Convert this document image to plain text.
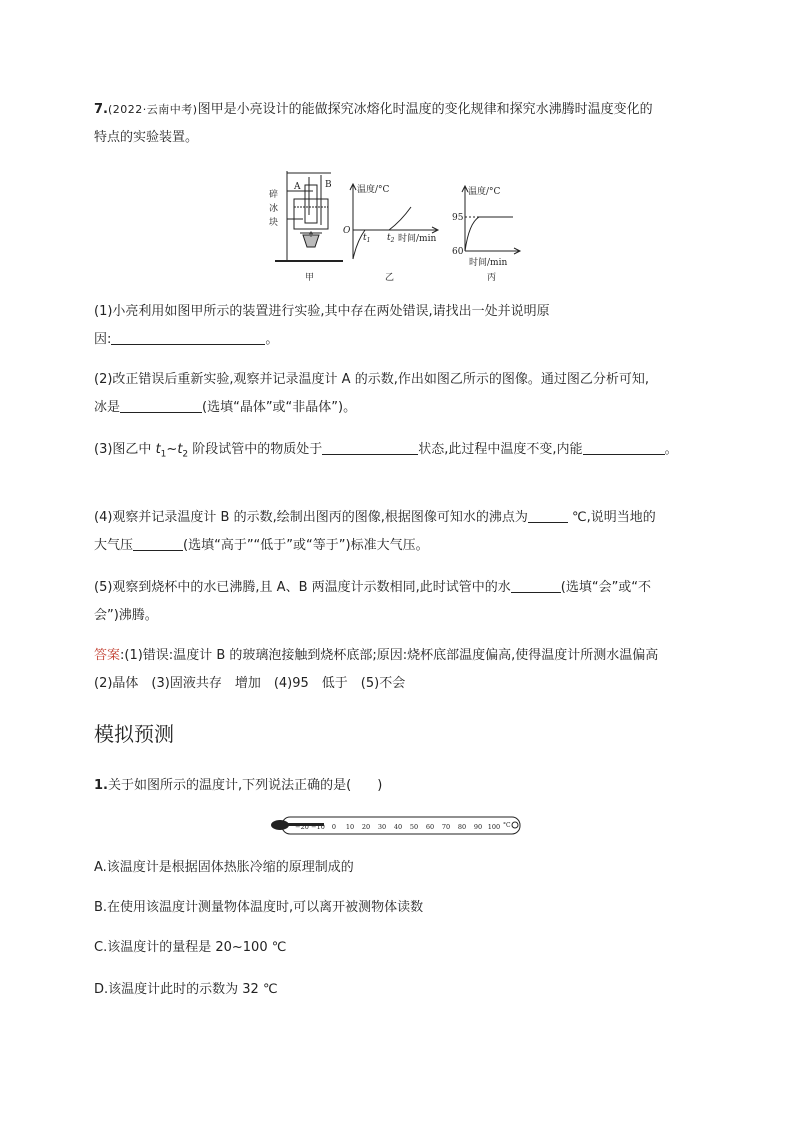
7.(2022·云南中考)图甲是小亮设计的能做探究冰熔化时温度的变化规律和探究水沸腾时温度变化的
特点的实验装置。
A	B
碎
冰
块
甲
温度/°C
O
$t_1$ $t_2$ 时间/min
乙
温度/°C
95
60
时间/min
丙
(1)小亮利用如图甲所示的装置进行实验,其中存在两处错误,请找出一处并说明原
因:	。
(2)改正错误后重新实验,观察并记录温度计 A 的示数,作出如图乙所示的图像。通过图乙分析可知,
冰是	(选填“晶体”或“非晶体”)。
(3)图乙中 $t_1\sim t_2$ 阶段试管中的物质处于	状态,此过程中温度不变,内能	。
(4)观察并记录温度计 B 的示数,绘制出图丙的图像,根据图像可知水的沸点为	℃,说明当地的
大气压	(选填“高于”“低于”或“等于”)标准大气压。
(5)观察到烧杯中的水已沸腾,且 A、B 两温度计示数相同,此时试管中的水	(选填“会”或“不
会”)沸腾。
答案:(1)错误:温度计 B 的玻璃泡接触到烧杯底部;原因:烧杯底部温度偏高,使得温度计所测水温偏高
(2)晶体　(3)固液共存　增加　(4)95　低于　(5)不会
模拟预测
1.关于如图所示的温度计,下列说法正确的是(　　)
−20 −10 0 10 20 30 40 50 60 70 80 90 100 °C
A.该温度计是根据固体热胀冷缩的原理制成的
B.在使用该温度计测量物体温度时,可以离开被测物体读数
C.该温度计的量程是 20~100 ℃
D.该温度计此时的示数为 32 ℃
